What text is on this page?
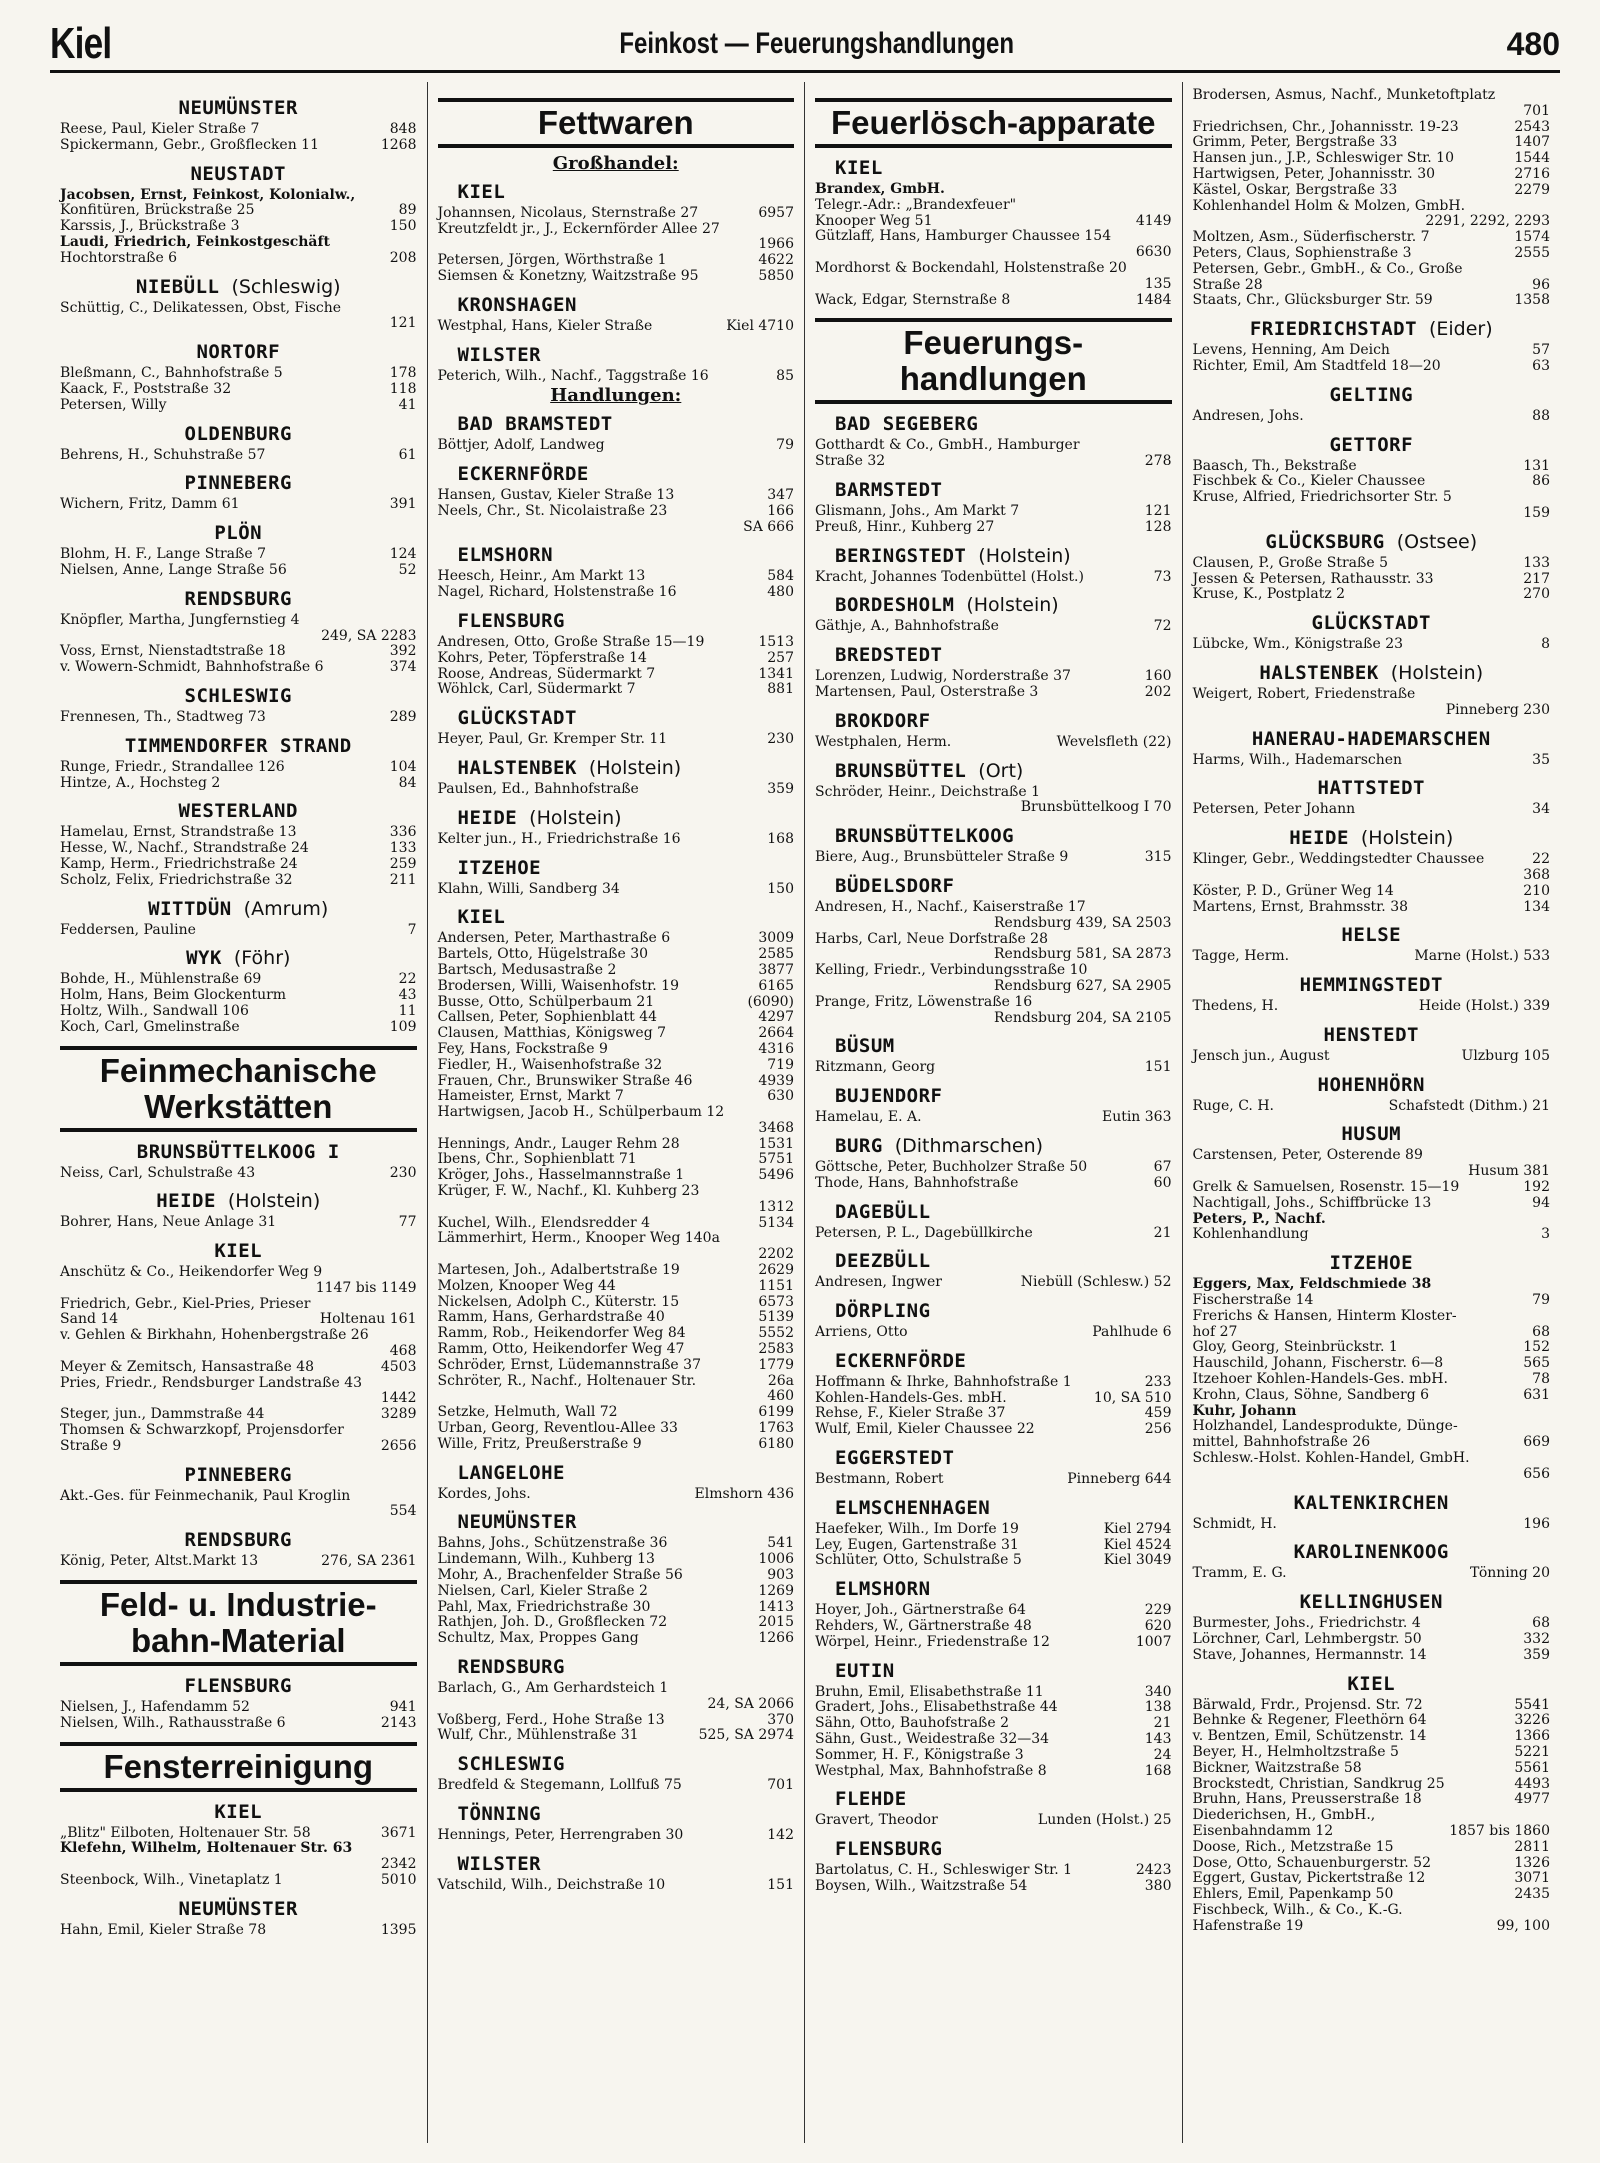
Kiel	Feinkost — Feuerungshandlungen	480
NEUMÜNSTER
Reese, Paul, Kieler Straße 7	848
Spickermann, Gebr., Großflecken 11	1268
NEUSTADT
Jacobsen, Ernst, Feinkost, Kolonialw.,
Konfitüren, Brückstraße 25	89
Karssis, J., Brückstraße 3	150
Laudi, Friedrich, Feinkostgeschäft
Hochtorstraße 6	208
NIEBÜLL (Schleswig)
Schüttig, C., Delikatessen, Obst, Fische
121
NORTORF
Bleßmann, C., Bahnhofstraße 5	178
Kaack, F., Poststraße 32	118
Petersen, Willy	41
OLDENBURG
Behrens, H., Schuhstraße 57	61
PINNEBERG
Wichern, Fritz, Damm 61	391
PLÖN
Blohm, H. F., Lange Straße 7	124
Nielsen, Anne, Lange Straße 56	52
RENDSBURG
Knöpfler, Martha, Jungfernstieg 4
249, SA 2283
Voss, Ernst, Nienstadtstraße 18	392
v. Wowern-Schmidt, Bahnhofstraße 6	374
SCHLESWIG
Frennesen, Th., Stadtweg 73	289
TIMMENDORFER STRAND
Runge, Friedr., Strandallee 126	104
Hintze, A., Hochsteg 2	84
WESTERLAND
Hamelau, Ernst, Strandstraße 13	336
Hesse, W., Nachf., Strandstraße 24	133
Kamp, Herm., Friedrichstraße 24	259
Scholz, Felix, Friedrichstraße 32	211
WITTDÜN (Amrum)
Feddersen, Pauline	7
WYK (Föhr)
Bohde, H., Mühlenstraße 69	22
Holm, Hans, Beim Glockenturm	43
Holtz, Wilh., Sandwall 106	11
Koch, Carl, Gmelinstraße	109
Feinmechanische Werkstätten
BRUNSBÜTTELKOOG I
Neiss, Carl, Schulstraße 43	230
HEIDE (Holstein)
Bohrer, Hans, Neue Anlage 31	77
KIEL
Anschütz & Co., Heikendorfer Weg 9
1147 bis 1149
Friedrich, Gebr., Kiel-Pries, Prieser
Sand 14	Holtenau 161
v. Gehlen & Birkhahn, Hohenbergstraße 26
468
Meyer & Zemitsch, Hansastraße 48	4503
Pries, Friedr., Rendsburger Landstraße 43
1442
Steger, jun., Dammstraße 44	3289
Thomsen & Schwarzkopf, Projensdorfer
Straße 9	2656
PINNEBERG
Akt.-Ges. für Feinmechanik, Paul Kroglin
554
RENDSBURG
König, Peter, Altst.Markt 13	276, SA 2361
Feld- u. Industrie-bahn-Material
FLENSBURG
Nielsen, J., Hafendamm 52	941
Nielsen, Wilh., Rathausstraße 6	2143
Fensterreinigung
KIEL
„Blitz" Eilboten, Holtenauer Str. 58	3671
Klefehn, Wilhelm, Holtenauer Str. 63
2342
Steenbock, Wilh., Vinetaplatz 1	5010
NEUMÜNSTER
Hahn, Emil, Kieler Straße 78	1395
Fettwaren
Großhandel:
KIEL
Johannsen, Nicolaus, Sternstraße 27	6957
Kreutzfeldt jr., J., Eckernförder Allee 27
1966
Petersen, Jörgen, Wörthstraße 1	4622
Siemsen & Konetzny, Waitzstraße 95	5850
KRONSHAGEN
Westphal, Hans, Kieler Straße	Kiel 4710
WILSTER
Peterich, Wilh., Nachf., Taggstraße 16	85
Handlungen:
BAD BRAMSTEDT
Böttjer, Adolf, Landweg	79
ECKERNFÖRDE
Hansen, Gustav, Kieler Straße 13	347
Neels, Chr., St. Nicolaistraße 23	166
SA 666
ELMSHORN
Heesch, Heinr., Am Markt 13	584
Nagel, Richard, Holstenstraße 16	480
FLENSBURG
Andresen, Otto, Große Straße 15—19	1513
Kohrs, Peter, Töpferstraße 14	257
Roose, Andreas, Südermarkt 7	1341
Wöhlck, Carl, Südermarkt 7	881
GLÜCKSTADT
Heyer, Paul, Gr. Kremper Str. 11	230
HALSTENBEK (Holstein)
Paulsen, Ed., Bahnhofstraße	359
HEIDE (Holstein)
Kelter jun., H., Friedrichstraße 16	168
ITZEHOE
Klahn, Willi, Sandberg 34	150
KIEL
Andersen, Peter, Marthastraße 6	3009
Bartels, Otto, Hügelstraße 30	2585
Bartsch, Medusastraße 2	3877
Brodersen, Willi, Waisenhofstr. 19	6165
Busse, Otto, Schülperbaum 21	(6090)
Callsen, Peter, Sophienblatt 44	4297
Clausen, Matthias, Königsweg 7	2664
Fey, Hans, Fockstraße 9	4316
Fiedler, H., Waisenhofstraße 32	719
Frauen, Chr., Brunswiker Straße 46	4939
Hameister, Ernst, Markt 7	630
Hartwigsen, Jacob H., Schülperbaum 12
3468
Hennings, Andr., Lauger Rehm 28	1531
Ibens, Chr., Sophienblatt 71	5751
Kröger, Johs., Hasselmannstraße 1	5496
Krüger, F. W., Nachf., Kl. Kuhberg 23
1312
Kuchel, Wilh., Elendsredder 4	5134
Lämmerhirt, Herm., Knooper Weg 140a
2202
Martesen, Joh., Adalbertstraße 19	2629
Molzen, Knooper Weg 44	1151
Nickelsen, Adolph C., Küterstr. 15	6573
Ramm, Hans, Gerhardstraße 40	5139
Ramm, Rob., Heikendorfer Weg 84	5552
Ramm, Otto, Heikendorfer Weg 47	2583
Schröder, Ernst, Lüdemannstraße 37	1779
Schröter, R., Nachf., Holtenauer Str.	26a
460
Setzke, Helmuth, Wall 72	6199
Urban, Georg, Reventlou-Allee 33	1763
Wille, Fritz, Preußerstraße 9	6180
LANGELOHE
Kordes, Johs.	Elmshorn 436
NEUMÜNSTER
Bahns, Johs., Schützenstraße 36	541
Lindemann, Wilh., Kuhberg 13	1006
Mohr, A., Brachenfelder Straße 56	903
Nielsen, Carl, Kieler Straße 2	1269
Pahl, Max, Friedrichstraße 30	1413
Rathjen, Joh. D., Großflecken 72	2015
Schultz, Max, Proppes Gang	1266
RENDSBURG
Barlach, G., Am Gerhardsteich 1
24, SA 2066
Voßberg, Ferd., Hohe Straße 13	370
Wulf, Chr., Mühlenstraße 31	525, SA 2974
SCHLESWIG
Bredfeld & Stegemann, Lollfuß 75	701
TÖNNING
Hennings, Peter, Herrengraben 30	142
WILSTER
Vatschild, Wilh., Deichstraße 10	151
Feuerlösch-apparate
KIEL
Brandex, GmbH.
Telegr.-Adr.: „Brandexfeuer"
Knooper Weg 51	4149
Gützlaff, Hans, Hamburger Chaussee 154
6630
Mordhorst & Bockendahl, Holstenstraße 20
135
Wack, Edgar, Sternstraße 8	1484
Feuerungs-handlungen
BAD SEGEBERG
Gotthardt & Co., GmbH., Hamburger
Straße 32	278
BARMSTEDT
Glismann, Johs., Am Markt 7	121
Preuß, Hinr., Kuhberg 27	128
BERINGSTEDT (Holstein)
Kracht, Johannes Todenbüttel (Holst.)	73
BORDESHOLM (Holstein)
Gäthje, A., Bahnhofstraße	72
BREDSTEDT
Lorenzen, Ludwig, Norderstraße 37	160
Martensen, Paul, Osterstraße 3	202
BROKDORF
Westphalen, Herm.	Wevelsfleth (22)
BRUNSBÜTTEL (Ort)
Schröder, Heinr., Deichstraße 1
Brunsbüttelkoog I 70
BRUNSBÜTTELKOOG
Biere, Aug., Brunsbütteler Straße 9	315
BÜDELSDORF
Andresen, H., Nachf., Kaiserstraße 17
Rendsburg 439, SA 2503
Harbs, Carl, Neue Dorfstraße 28
Rendsburg 581, SA 2873
Kelling, Friedr., Verbindungsstraße 10
Rendsburg 627, SA 2905
Prange, Fritz, Löwenstraße 16
Rendsburg 204, SA 2105
BÜSUM
Ritzmann, Georg	151
BUJENDORF
Hamelau, E. A.	Eutin 363
BURG (Dithmarschen)
Göttsche, Peter, Buchholzer Straße 50	67
Thode, Hans, Bahnhofstraße	60
DAGEBÜLL
Petersen, P. L., Dagebüllkirche	21
DEEZBÜLL
Andresen, Ingwer	Niebüll (Schlesw.) 52
DÖRPLING
Arriens, Otto	Pahlhude 6
ECKERNFÖRDE
Hoffmann & Ihrke, Bahnhofstraße 1	233
Kohlen-Handels-Ges. mbH.	10, SA 510
Rehse, F., Kieler Straße 37	459
Wulf, Emil, Kieler Chaussee 22	256
EGGERSTEDT
Bestmann, Robert	Pinneberg 644
ELMSCHENHAGEN
Haefeker, Wilh., Im Dorfe 19	Kiel 2794
Ley, Eugen, Gartenstraße 31	Kiel 4524
Schlüter, Otto, Schulstraße 5	Kiel 3049
ELMSHORN
Hoyer, Joh., Gärtnerstraße 64	229
Rehders, W., Gärtnerstraße 48	620
Wörpel, Heinr., Friedenstraße 12	1007
EUTIN
Bruhn, Emil, Elisabethstraße 11	340
Gradert, Johs., Elisabethstraße 44	138
Sähn, Otto, Bauhofstraße 2	21
Sähn, Gust., Weidestraße 32—34	143
Sommer, H. F., Königstraße 3	24
Westphal, Max, Bahnhofstraße 8	168
FLEHDE
Gravert, Theodor	Lunden (Holst.) 25
FLENSBURG
Bartolatus, C. H., Schleswiger Str. 1	2423
Boysen, Wilh., Waitzstraße 54	380
Brodersen, Asmus, Nachf., Munketoftplatz
701
Friedrichsen, Chr., Johannisstr. 19-23	2543
Grimm, Peter, Bergstraße 33	1407
Hansen jun., J.P., Schleswiger Str. 10	1544
Hartwigsen, Peter, Johannisstr. 30	2716
Kästel, Oskar, Bergstraße 33	2279
Kohlenhandel Holm & Molzen, GmbH.
2291, 2292, 2293
Moltzen, Asm., Süderfischerstr. 7	1574
Peters, Claus, Sophienstraße 3	2555
Petersen, Gebr., GmbH., & Co., Große
Straße 28	96
Staats, Chr., Glücksburger Str. 59	1358
FRIEDRICHSTADT (Eider)
Levens, Henning, Am Deich	57
Richter, Emil, Am Stadtfeld 18—20	63
GELTING
Andresen, Johs.	88
GETTORF
Baasch, Th., Bekstraße	131
Fischbek & Co., Kieler Chaussee	86
Kruse, Alfried, Friedrichsorter Str. 5
159
GLÜCKSBURG (Ostsee)
Clausen, P., Große Straße 5	133
Jessen & Petersen, Rathausstr. 33	217
Kruse, K., Postplatz 2	270
GLÜCKSTADT
Lübcke, Wm., Königstraße 23	8
HALSTENBEK (Holstein)
Weigert, Robert, Friedenstraße
Pinneberg 230
HANERAU-HADEMARSCHEN
Harms, Wilh., Hademarschen	35
HATTSTEDT
Petersen, Peter Johann	34
HEIDE (Holstein)
Klinger, Gebr., Weddingstedter Chaussee	22
368
Köster, P. D., Grüner Weg 14	210
Martens, Ernst, Brahmsstr. 38	134
HELSE
Tagge, Herm.	Marne (Holst.) 533
HEMMINGSTEDT
Thedens, H.	Heide (Holst.) 339
HENSTEDT
Jensch jun., August	Ulzburg 105
HOHENHÖRN
Ruge, C. H.	Schafstedt (Dithm.) 21
HUSUM
Carstensen, Peter, Osterende 89
Husum 381
Grelk & Samuelsen, Rosenstr. 15—19	192
Nachtigall, Johs., Schiffbrücke 13	94
Peters, P., Nachf.
Kohlenhandlung	3
ITZEHOE
Eggers, Max, Feldschmiede 38
Fischerstraße 14	79
Frerichs & Hansen, Hinterm Kloster-
hof 27	68
Gloy, Georg, Steinbrückstr. 1	152
Hauschild, Johann, Fischerstr. 6—8	565
Itzehoer Kohlen-Handels-Ges. mbH.	78
Krohn, Claus, Söhne, Sandberg 6	631
Kuhr, Johann
Holzhandel, Landesprodukte, Dünge-
mittel, Bahnhofstraße 26	669
Schlesw.-Holst. Kohlen-Handel, GmbH.
656
KALTENKIRCHEN
Schmidt, H.	196
KAROLINENKOOG
Tramm, E. G.	Tönning 20
KELLINGHUSEN
Burmester, Johs., Friedrichstr. 4	68
Lörchner, Carl, Lehmbergstr. 50	332
Stave, Johannes, Hermannstr. 14	359
KIEL
Bärwald, Frdr., Projensd. Str. 72	5541
Behnke & Regener, Fleethörn 64	3226
v. Bentzen, Emil, Schützenstr. 14	1366
Beyer, H., Helmholtzstraße 5	5221
Bickner, Waitzstraße 58	5561
Brockstedt, Christian, Sandkrug 25	4493
Bruhn, Hans, Preusserstraße 18	4977
Diederichsen, H., GmbH.,
Eisenbahndamm 12	1857 bis 1860
Doose, Rich., Metzstraße 15	2811
Dose, Otto, Schauenburgerstr. 52	1326
Eggert, Gustav, Pickertstraße 12	3071
Ehlers, Emil, Papenkamp 50	2435
Fischbeck, Wilh., & Co., K.-G.
Hafenstraße 19	99, 100
